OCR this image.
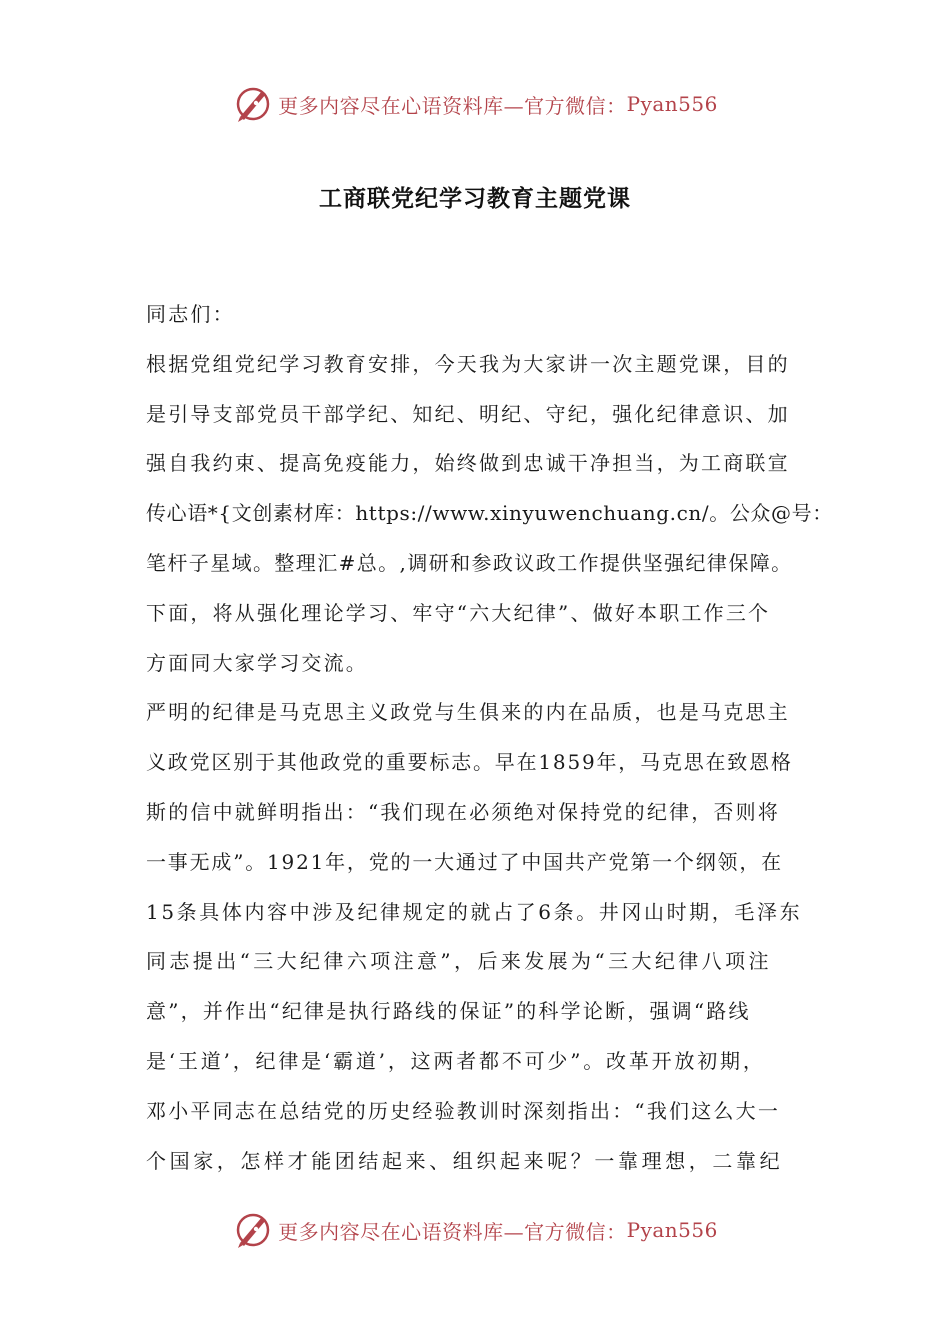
更多内容尽在心语资料库—官方微信： Pyan556
工商联党纪学习教育主题党课
同志们：
根据党组党纪学习教育安排，今天我为大家讲一次主题党课，目的
是引导支部党员干部学纪、知纪、明纪、守纪，强化纪律意识、加
强自我约束、提高免疫能力，始终做到忠诚干净担当，为工商联宣
传心语*{文创素材库：https://www.xinyuwenchuang.cn/。公众@号：
笔杆子星域。整理汇#总。,调研和参政议政工作提供坚强纪律保障。
下面，将从强化理论学习、牢守“六大纪律”、做好本职工作三个
方面同大家学习交流。
严明的纪律是马克思主义政党与生俱来的内在品质，也是马克思主
义政党区别于其他政党的重要标志。早在1859年，马克思在致恩格
斯的信中就鲜明指出：“我们现在必须绝对保持党的纪律，否则将
一事无成”。1921年，党的一大通过了中国共产党第一个纲领，在
15条具体内容中涉及纪律规定的就占了6条。井冈山时期，毛泽东
同志提出“三大纪律六项注意”，后来发展为“三大纪律八项注
意”，并作出“纪律是执行路线的保证”的科学论断，强调“路线
是‘王道’，纪律是‘霸道’，这两者都不可少”。改革开放初期，
邓小平同志在总结党的历史经验教训时深刻指出：“我们这么大一
个国家，怎样才能团结起来、组织起来呢？一靠理想，二靠纪
更多内容尽在心语资料库—官方微信： Pyan556
